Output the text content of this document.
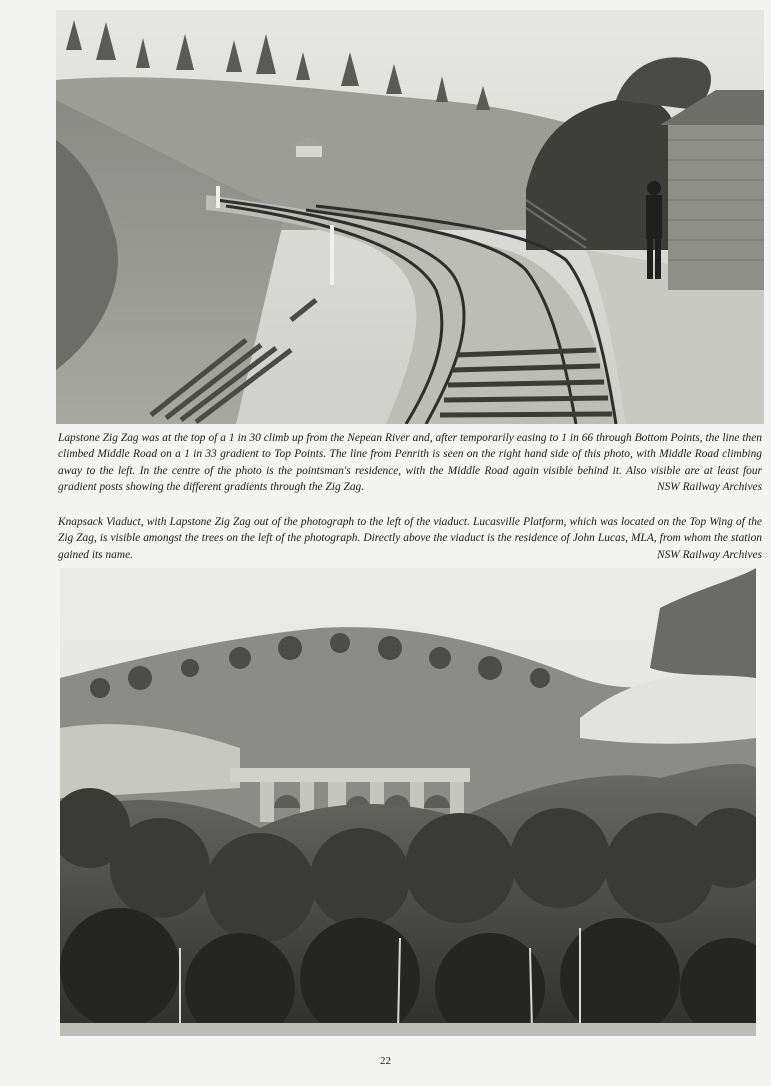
Lapstone Zig Zag was at the top of a 1 in 30 climb up from the Nepean River and, after temporarily easing to 1 in 66 through Bottom Points, the line then climbed Middle Road on a 1 in 33 gradient to Top Points. The line from Penrith is seen on the right hand side of this photo, with Middle Road climbing away to the left. In the centre of the photo is the pointsman's residence, with the Middle Road again visible behind it. Also visible are at least four gradient posts showing the different gradients through the Zig Zag.	NSW Railway Archives
Knapsack Viaduct, with Lapstone Zig Zag out of the photograph to the left of the viaduct. Lucasville Platform, which was located on the Top Wing of the Zig Zag, is visible amongst the trees on the left of the photograph. Directly above the viaduct is the residence of John Lucas, MLA, from whom the station gained its name.	NSW Railway Archives
22
